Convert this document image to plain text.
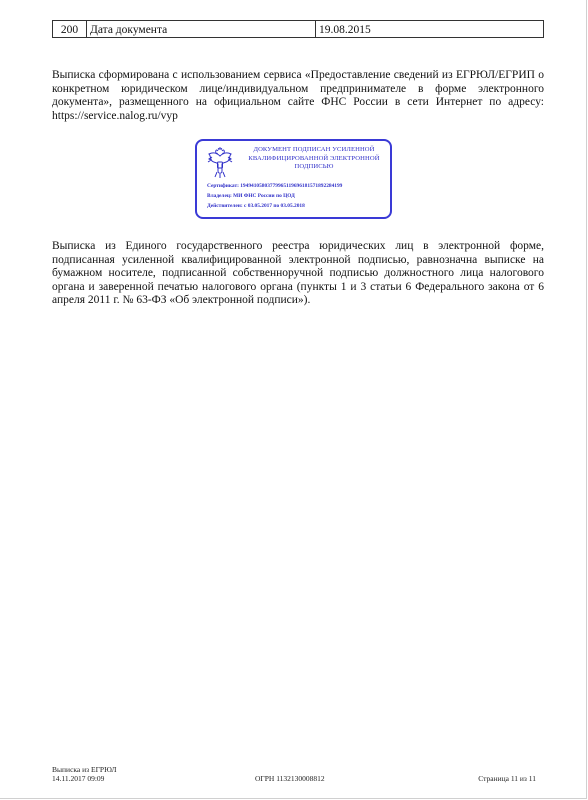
200	Дата документа	19.08.2015

Выписка сформирована с использованием сервиса «Предоставление сведений из ЕГРЮЛ/ЕГРИП о конкретном юридическом лице/индивидуальном предпринимателе в форме электронного документа», размещенного на официальном сайте ФНС России в сети Интернет по адресу: https://service.nalog.ru/vyp

ДОКУМЕНТ ПОДПИСАН УСИЛЕННОЙ КВАЛИФИЦИРОВАННОЙ ЭЛЕКТРОННОЙ ПОДПИСЬЮ
Сертификат: 19494105803779965119696181571892284199
Владелец: МИ ФНС России по ЦОД
Действителен: с 03.05.2017 по 03.05.2018

Выписка из Единого государственного реестра юридических лиц в электронной форме, подписанная усиленной квалифицированной электронной подписью, равнозначна выписке на бумажном носителе, подписанной собственноручной подписью должностного лица налогового органа и заверенной печатью налогового органа (пункты 1 и 3 статьи 6 Федерального закона от 6 апреля 2011 г. № 63-ФЗ «Об электронной подписи»).

Выписка из ЕГРЮЛ
14.11.2017 09:09	ОГРН 1132130008812	Страница 11 из 11
